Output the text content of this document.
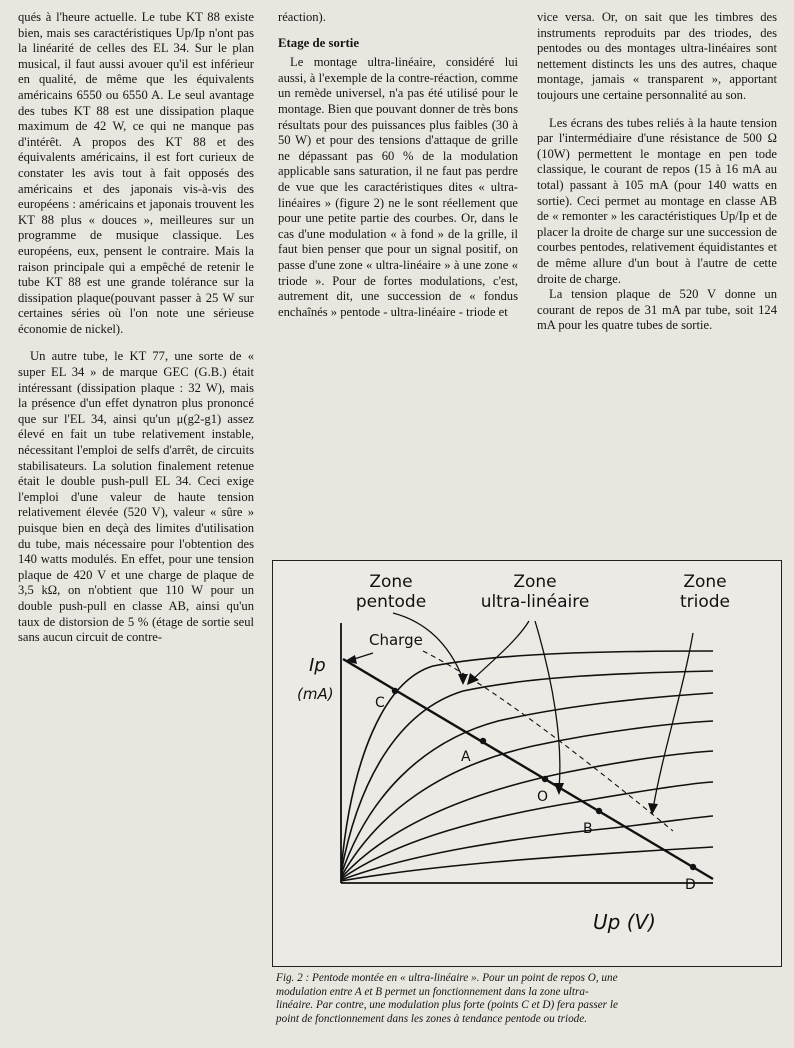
qués à l'heure actuelle. Le tube KT 88 existe bien, mais ses caractéristiques Up/Ip n'ont pas la linéarité de celles des EL 34. Sur le plan musical, il faut aussi avouer qu'il est inférieur en qualité, de même que les équivalents américains 6550 ou 6550 A. Le seul avantage des tubes KT 88 est une dissipation plaque maximum de 42 W, ce qui ne manque pas d'intérêt. A propos des KT 88 et des équivalents américains, il est fort curieux de constater les avis tout à fait opposés des américains et des japonais vis-à-vis des européens : américains et japonais trouvent les KT 88 plus « douces », meilleures sur un programme de musique classique. Les européens, eux, pensent le contraire. Mais la raison principale qui a empêché de retenir le tube KT 88 est une grande tolérance sur la dissipation plaque(pouvant passer à 25 W sur certaines séries où l'on note une sérieuse économie de nickel).

Un autre tube, le KT 77, une sorte de « super EL 34 » de marque GEC (G.B.) était intéressant (dissipation plaque : 32 W), mais la présence d'un effet dynatron plus prononcé que sur l'EL 34, ainsi qu'un μ(g2-g1) assez élevé en fait un tube relativement instable, nécessitant l'emploi de selfs d'arrêt, de circuits stabilisateurs. La solution finalement retenue était le double push-pull EL 34. Ceci exige l'emploi d'une valeur de haute tension relativement élevée (520 V), valeur « sûre » puisque bien en deçà des limites d'utilisation du tube, mais nécessaire pour l'obtention des 140 watts modulés. En effet, pour une tension plaque de 420 V et une charge de plaque de 3,5 kΩ, on n'obtient que 110 W pour un double push-pull en classe AB, ainsi qu'un taux de distorsion de 5 % (étage de sortie seul sans aucun circuit de contre-

réaction).

Etage de sortie

Le montage ultra-linéaire, considéré lui aussi, à l'exemple de la contre-réaction, comme un remède universel, n'a pas été utilisé pour le montage. Bien que pouvant donner de très bons résultats pour des puissances plus faibles (30 à 50 W) et pour des tensions d'attaque de grille ne dépassant pas 60 % de la modulation applicable sans saturation, il ne faut pas perdre de vue que les caractéristiques dites « ultra-linéaires » (figure 2) ne le sont réellement que pour une petite partie des courbes. Or, dans le cas d'une modulation « à fond » de la grille, il faut bien penser que pour un signal positif, on passe d'une zone « ultra-linéaire » à une zone « triode ». Pour de fortes modulations, c'est, autrement dit, une succession de « fondus enchaînés » pentode - ultra-linéaire - triode et

vice versa. Or, on sait que les timbres des instruments reproduits par des triodes, des pentodes ou des montages ultra-linéaires sont nettement distincts les uns des autres, chaque montage, jamais « transparent », apportant toujours une certaine personnalité au son.

Les écrans des tubes reliés à la haute tension par l'intermédiaire d'une résistance de 500 Ω (10W) permettent le montage en pen tode classique, le courant de repos (15 à 16 mA au total) passant à 105 mA (pour 140 watts en sortie). Ceci permet au montage en classe AB de « remonter » les caractéristiques Up/Ip et de placer la droite de charge sur une succession de courbes pentodes, relativement équidistantes et de même allure d'un bout à l'autre de cette droite de charge.

La tension plaque de 520 V donne un courant de repos de 31 mA par tube, soit 124 mA pour les quatre tubes de sortie.

Zone
pentode
Zone
ultra-linéaire
Zone
triode
Ip
(mA)
Charge
C
A
O
B
D
Up (V)
Fig. 2 : Pentode montée en « ultra-linéaire ». Pour un point de repos O, une
modulation entre A et B permet un fonctionnement dans la zone ultra-
linéaire. Par contre, une modulation plus forte (points C et D) fera passer le
point de fonctionnement dans les zones à tendance pentode ou triode.
